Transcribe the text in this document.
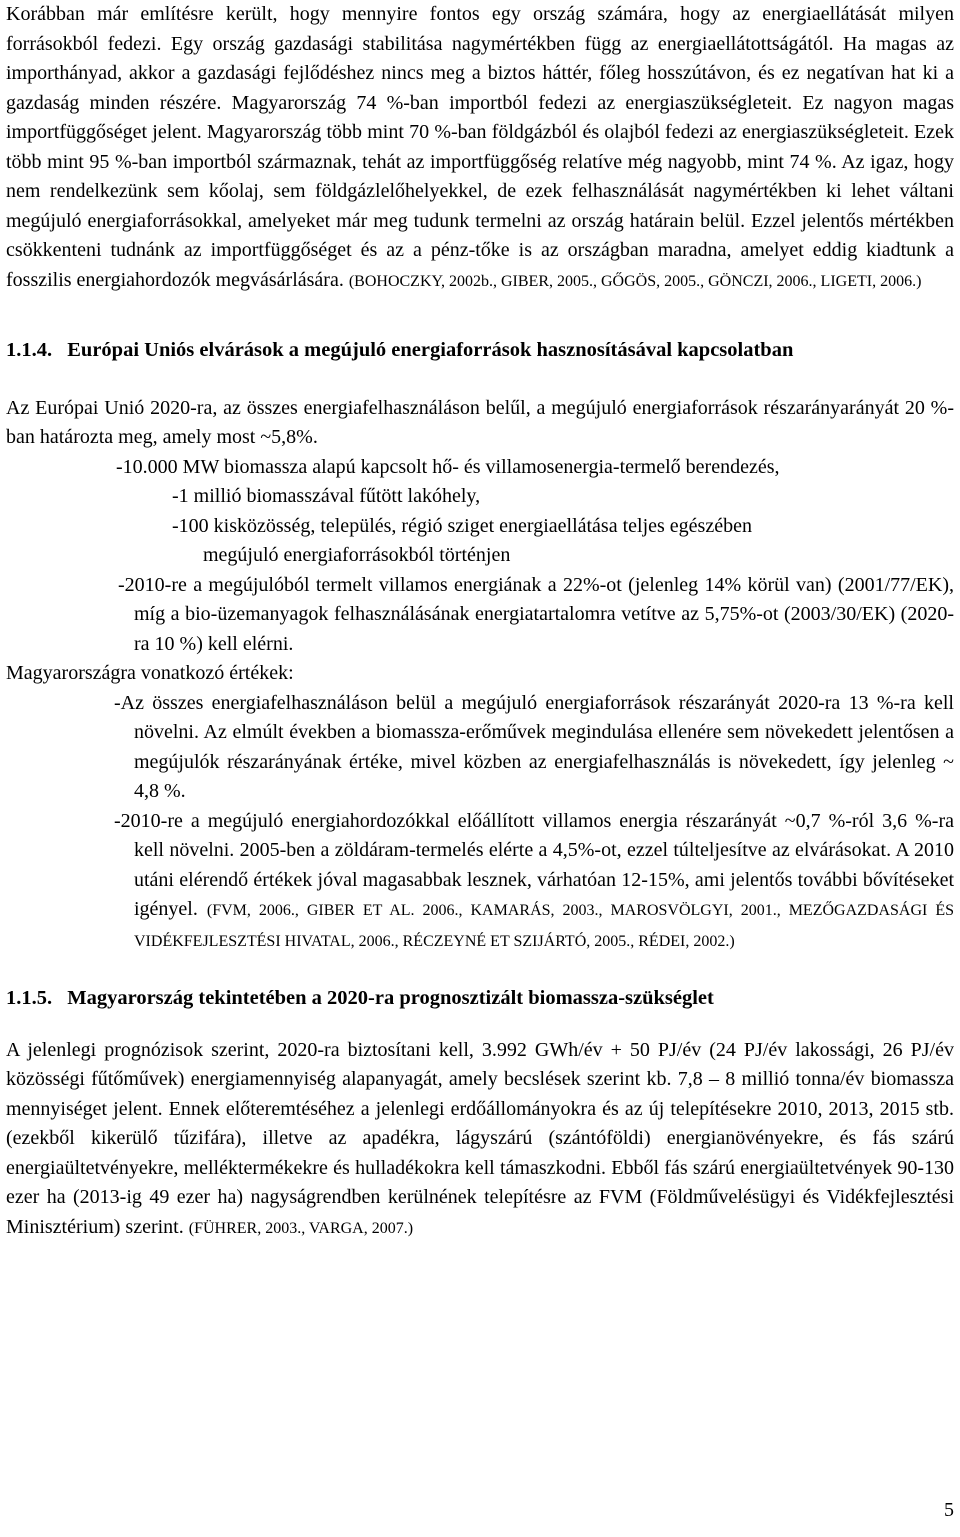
Korábban már említésre került, hogy mennyire fontos egy ország számára, hogy az energiaellátását milyen forrásokból fedezi. Egy ország gazdasági stabilitása nagymértékben függ az energiaellátottságától. Ha magas az importhányad, akkor a gazdasági fejlődéshez nincs meg a biztos háttér, főleg hosszútávon, és ez negatívan hat ki a gazdaság minden részére. Magyarország 74 %-ban importból fedezi az energiaszükségleteit. Ez nagyon magas importfüggőséget jelent. Magyarország több mint 70 %-ban földgázból és olajból fedezi az energiaszükségleteit. Ezek több mint 95 %-ban importból származnak, tehát az importfüggőség relatíve még nagyobb, mint 74 %. Az igaz, hogy nem rendelkezünk sem kőolaj, sem földgázlelőhelyekkel, de ezek felhasználását nagymértékben ki lehet váltani megújuló energiaforrásokkal, amelyeket már meg tudunk termelni az ország határain belül. Ezzel jelentős mértékben csökkenteni tudnánk az importfüggőséget és az a pénz-tőke is az országban maradna, amelyet eddig kiadtunk a fosszilis energiahordozók megvásárlására. (BOHOCZKY, 2002b., GIBER, 2005., GŐGÖS, 2005., GÖNCZI, 2006., LIGETI, 2006.)

1.1.4. Európai Uniós elvárások a megújuló energiaforrások hasznosításával kapcsolatban

Az Európai Unió 2020-ra, az összes energiafelhasználáson belűl, a megújuló energiaforrások részarányarányát 20 %-ban határozta meg, amely most ~5,8%.

-10.000 MW biomassza alapú kapcsolt hő- és villamosenergia-termelő berendezés,
-1 millió biomasszával fűtött lakóhely,
-100 kisközösség, település, régió sziget energiaellátása teljes egészében
megújuló energiaforrásokból történjen
-2010-re a megújulóból termelt villamos energiának a 22%-ot (jelenleg 14% körül van) (2001/77/EK), míg a bio-üzemanyagok felhasználásának energiatartalomra vetítve az 5,75%-ot (2003/30/EK) (2020-ra 10 %) kell elérni.
Magyarországra vonatkozó értékek:
-Az összes energiafelhasználáson belül a megújuló energiaforrások részarányát 2020-ra 13 %-ra kell növelni. Az elmúlt években a biomassza-erőművek megindulása ellenére sem növekedett jelentősen a megújulók részarányának értéke, mivel közben az energiafelhasználás is növekedett, így jelenleg ~ 4,8 %.
-2010-re a megújuló energiahordozókkal előállított villamos energia részarányát ~0,7 %-ról 3,6 %-ra kell növelni. 2005-ben a zöldáram-termelés elérte a 4,5%-ot, ezzel túlteljesítve az elvárásokat. A 2010 utáni elérendő értékek jóval magasabbak lesznek, várhatóan 12-15%, ami jelentős további bővítéseket igényel. (FVM, 2006., GIBER ET AL. 2006., KAMARÁS, 2003., MAROSVÖLGYI, 2001., MEZŐGAZDASÁGI ÉS VIDÉKFEJLESZTÉSI HIVATAL, 2006., RÉCZEYNÉ ET SZIJÁRTÓ, 2005., RÉDEI, 2002.)
1.1.5. Magyarország tekintetében a 2020-ra prognosztizált biomassza-szükséglet

A jelenlegi prognózisok szerint, 2020-ra biztosítani kell, 3.992 GWh/év + 50 PJ/év (24 PJ/év lakossági, 26 PJ/év közösségi fűtőművek) energiamennyiség alapanyagát, amely becslések szerint kb. 7,8 – 8 millió tonna/év biomassza mennyiséget jelent. Ennek előteremtéséhez a jelenlegi erdőállományokra és az új telepítésekre 2010, 2013, 2015 stb. (ezekből kikerülő tűzifára), illetve az apadékra, lágyszárú (szántóföldi) energianövényekre, és fás szárú energiaültetvényekre, melléktermékekre és hulladékokra kell támaszkodni. Ebből fás szárú energiaültetvények 90-130 ezer ha (2013-ig 49 ezer ha) nagyságrendben kerülnének telepítésre az FVM (Földművelésügyi és Vidékfejlesztési Minisztérium) szerint. (FÜHRER, 2003., VARGA, 2007.)

5
